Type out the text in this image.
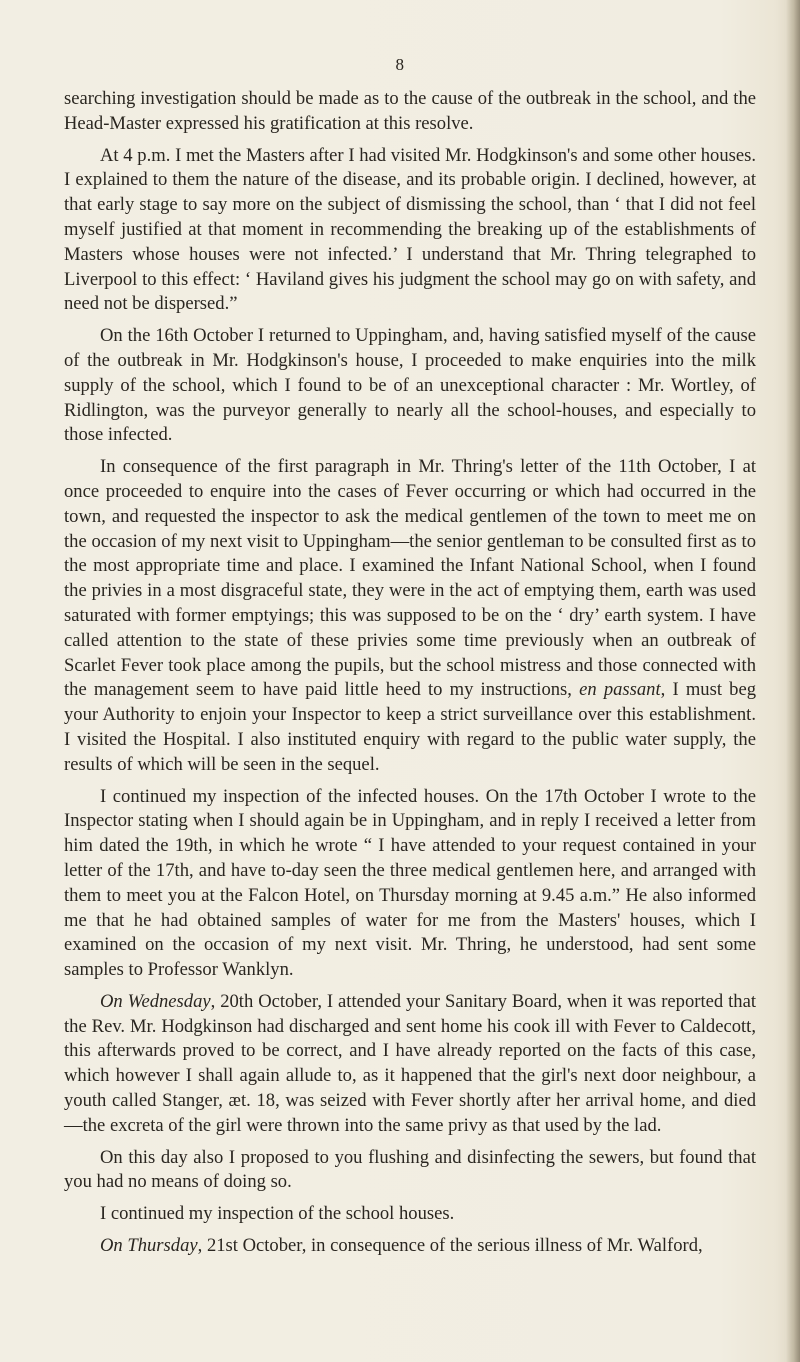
8

searching investigation should be made as to the cause of the outbreak in the school, and the Head-Master expressed his gratification at this resolve.

At 4 p.m. I met the Masters after I had visited Mr. Hodgkinson's and some other houses. I explained to them the nature of the disease, and its probable origin. I declined, however, at that early stage to say more on the subject of dismissing the school, than ‘ that I did not feel myself justified at that moment in recommending the breaking up of the establishments of Masters whose houses were not infected.’ I understand that Mr. Thring telegraphed to Liverpool to this effect: ‘ Haviland gives his judgment the school may go on with safety, and need not be dispersed.”

On the 16th October I returned to Uppingham, and, having satisfied myself of the cause of the outbreak in Mr. Hodgkinson's house, I proceeded to make enquiries into the milk supply of the school, which I found to be of an unexceptional character : Mr. Wortley, of Ridlington, was the purveyor generally to nearly all the school-houses, and especially to those infected.

In consequence of the first paragraph in Mr. Thring's letter of the 11th October, I at once proceeded to enquire into the cases of Fever occurring or which had occurred in the town, and requested the inspector to ask the medical gentlemen of the town to meet me on the occasion of my next visit to Uppingham—the senior gentleman to be consulted first as to the most appropriate time and place. I examined the Infant National School, when I found the privies in a most disgraceful state, they were in the act of emptying them, earth was used saturated with former emptyings; this was supposed to be on the ‘ dry’ earth system. I have called attention to the state of these privies some time previously when an outbreak of Scarlet Fever took place among the pupils, but the school mistress and those connected with the management seem to have paid little heed to my instructions, en passant, I must beg your Authority to enjoin your Inspector to keep a strict surveillance over this establishment. I visited the Hospital. I also instituted enquiry with regard to the public water supply, the results of which will be seen in the sequel.

I continued my inspection of the infected houses. On the 17th October I wrote to the Inspector stating when I should again be in Uppingham, and in reply I received a letter from him dated the 19th, in which he wrote “ I have attended to your request contained in your letter of the 17th, and have to-day seen the three medical gentlemen here, and arranged with them to meet you at the Falcon Hotel, on Thursday morning at 9.45 a.m.” He also informed me that he had obtained samples of water for me from the Masters' houses, which I examined on the occasion of my next visit. Mr. Thring, he understood, had sent some samples to Professor Wanklyn.

On Wednesday, 20th October, I attended your Sanitary Board, when it was reported that the Rev. Mr. Hodgkinson had discharged and sent home his cook ill with Fever to Caldecott, this afterwards proved to be correct, and I have already reported on the facts of this case, which however I shall again allude to, as it happened that the girl's next door neighbour, a youth called Stanger, æt. 18, was seized with Fever shortly after her arrival home, and died—the excreta of the girl were thrown into the same privy as that used by the lad.

On this day also I proposed to you flushing and disinfecting the sewers, but found that you had no means of doing so.

I continued my inspection of the school houses.

On Thursday, 21st October, in consequence of the serious illness of Mr. Walford,
